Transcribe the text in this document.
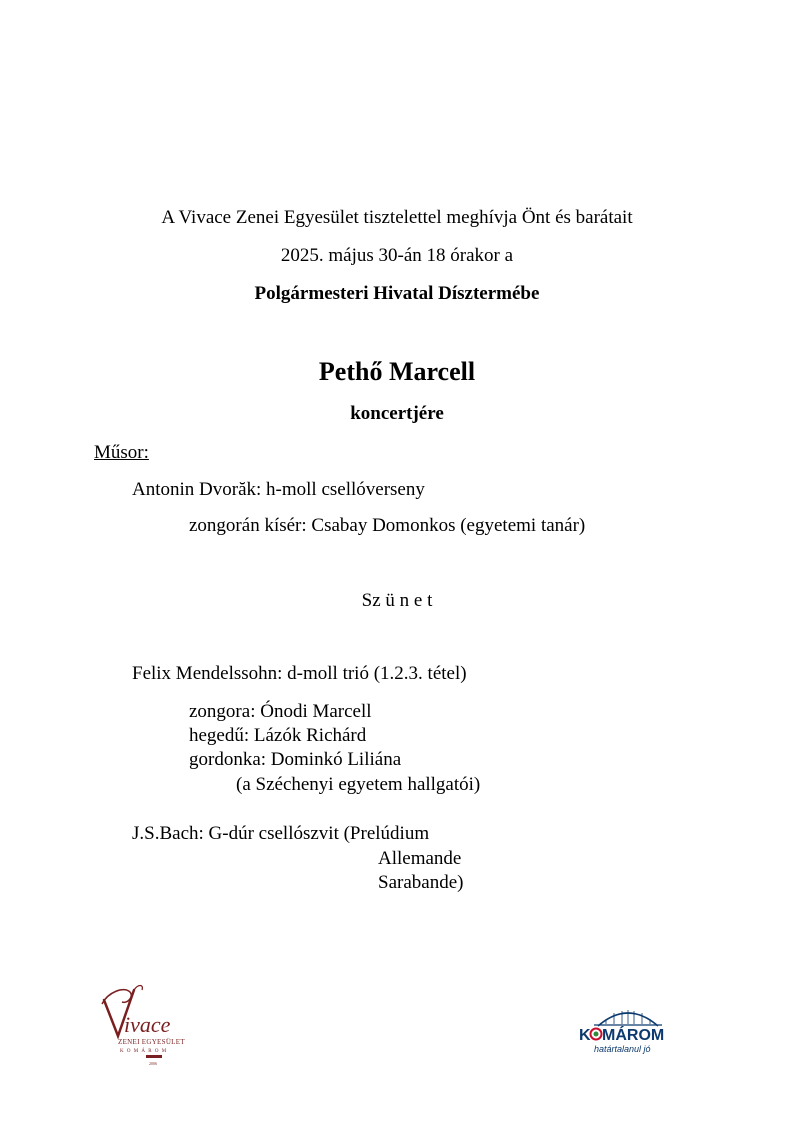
A Vivace Zenei Egyesület tisztelettel meghívja Önt és barátait
2025. május 30-án 18 órakor a
Polgármesteri Hivatal Dísztermébe
Pethő Marcell
koncertjére
Műsor:
Antonin Dvorăk: h-moll csellóverseny
zongorán kísér: Csabay Domonkos (egyetemi tanár)
Sz ü n e t
Felix Mendelssohn: d-moll trió (1.2.3. tétel)
zongora: Ónodi Marcell
hegedű: Lázók Richárd
gordonka: Dominkó Liliána
(a Széchenyi egyetem hallgatói)
J.S.Bach: G-dúr csellószvit (Prelúdium
Allemande
Sarabande)
ivace
ZENEI EGYESÜLET
K O M Á R O M
2006
K MÁROM
határtalanul jó
